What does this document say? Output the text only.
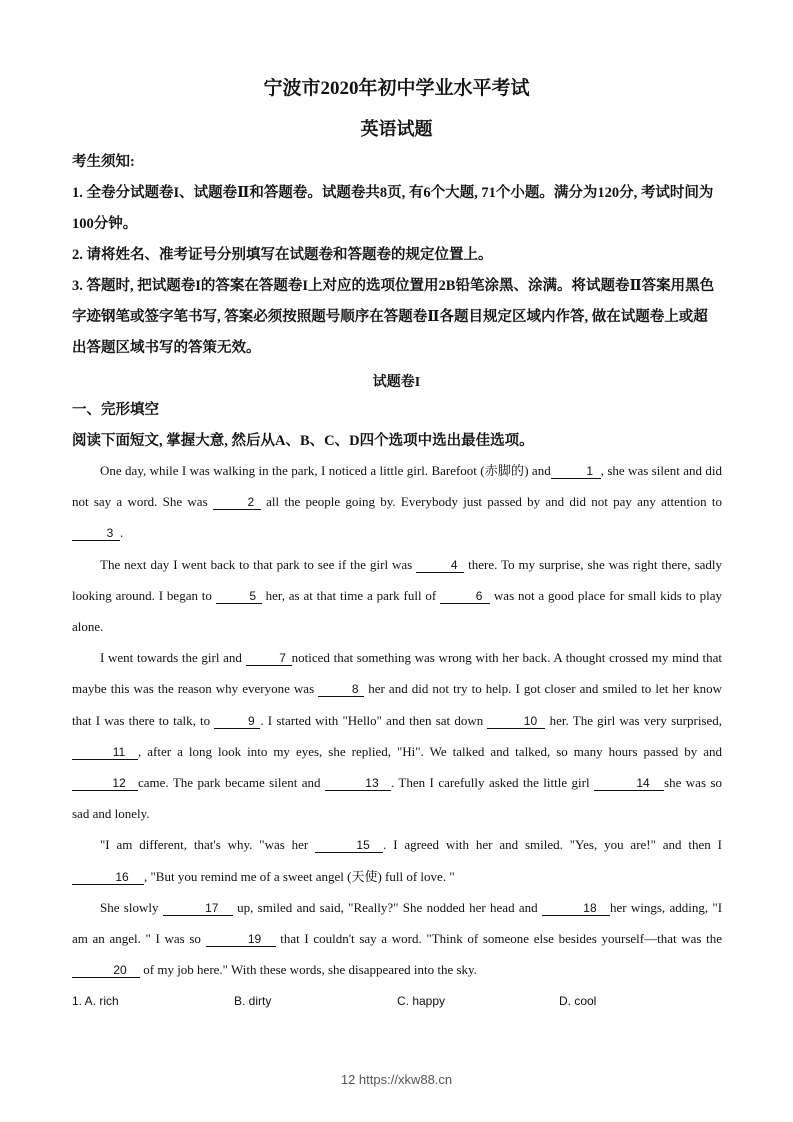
宁波市2020年初中学业水平考试
英语试题

考生须知:

1. 全卷分试题卷I、试题卷Ⅱ和答题卷。试题卷共8页, 有6个大题, 71个小题。满分为120分, 考试时间为100分钟。

2. 请将姓名、准考证号分别填写在试题卷和答题卷的规定位置上。

3. 答题时, 把试题卷I的答案在答题卷I上对应的选项位置用2B铅笔涂黑、涂满。将试题卷Ⅱ答案用黑色字迹钢笔或签字笔书写, 答案必须按照题号顺序在答题卷Ⅱ各题目规定区域内作答, 做在试题卷上或超出答题区域书写的答策无效。

试题卷I

一、完形填空

阅读下面短文, 掌握大意, 然后从A、B、C、D四个选项中选出最佳选项。

One day, while I was walking in the park, I noticed a little girl. Barefoot (赤脚的) and	1 , she was silent and did not say a word. She was	2 all the people going by. Everybody just passed by and did not pay any attention to3 .

The next day I went back to that park to see if the girl was	4 there. To my surprise, she was right there, sadly looking around. I began to	5 her, as at that time a park full of	6 was not a good place for small kids to play alone.

I went towards the girl and	7 noticed that something was wrong with her back. A thought crossed my mind that maybe this was the reason why everyone was	8 her and did not try to help. I got closer and smiled to let her know that I was there to talk, to	9 . I started with "Hello" and then sat down	10 her. The girl was very surprised, 11 , after a long look into my eyes, she replied, "Hi". We talked and talked, so many hours passed by and 12 came. The park became silent and	13 . Then I carefully asked the little girl	14 she was so sad and lonely.

"I am different, that's why. "was her	15 . I agreed with her and smiled. "Yes, you are!" and then I 16 , "But you remind me of a sweet angel (天使) full of love. "

She slowly	17 up, smiled and said, "Really?" She nodded her head and	18 her wings, adding, "I am an angel. " I was so	19 that I couldn't say a word. "Think of someone else besides yourself—that was the 20 of my job here." With these words, she disappeared into the sky.

1. A. rich	B. dirty	C. happy	D. cool
12 https://xkw88.cn
